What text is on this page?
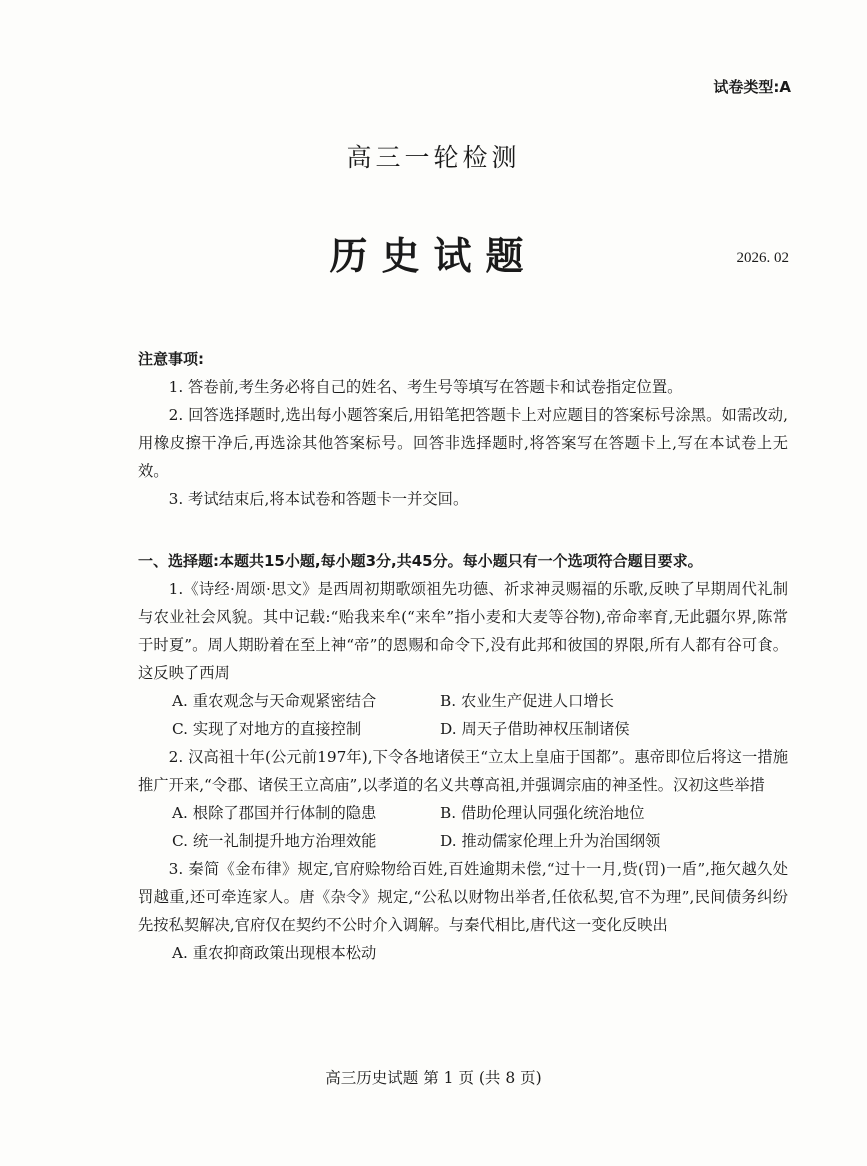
试卷类型:A
高三一轮检测
历史试题	2026. 02

注意事项:

1. 答卷前,考生务必将自己的姓名、考生号等填写在答题卡和试卷指定位置。

2. 回答选择题时,选出每小题答案后,用铅笔把答题卡上对应题目的答案标号涂黑。如需改动,用橡皮擦干净后,再选涂其他答案标号。回答非选择题时,将答案写在答题卡上,写在本试卷上无效。

3. 考试结束后,将本试卷和答题卡一并交回。

一、选择题:本题共15小题,每小题3分,共45分。每小题只有一个选项符合题目要求。

1.《诗经·周颂·思文》是西周初期歌颂祖先功德、祈求神灵赐福的乐歌,反映了早期周代礼制与农业社会风貌。其中记载:“贻我来牟(“来牟”指小麦和大麦等谷物),帝命率育,无此疆尔界,陈常于时夏”。周人期盼着在至上神“帝”的恩赐和命令下,没有此邦和彼国的界限,所有人都有谷可食。这反映了西周

A. 重农观念与天命观紧密结合	B. 农业生产促进人口增长

C. 实现了对地方的直接控制	D. 周天子借助神权压制诸侯

2. 汉高祖十年(公元前197年),下令各地诸侯王“立太上皇庙于国都”。惠帝即位后将这一措施推广开来,“令郡、诸侯王立高庙”,以孝道的名义共尊高祖,并强调宗庙的神圣性。汉初这些举措

A. 根除了郡国并行体制的隐患	B. 借助伦理认同强化统治地位

C. 统一礼制提升地方治理效能	D. 推动儒家伦理上升为治国纲领

3. 秦简《金布律》规定,官府赊物给百姓,百姓逾期未偿,“过十一月,赀(罚)一盾”,拖欠越久处罚越重,还可牵连家人。唐《杂令》规定,“公私以财物出举者,任依私契,官不为理”,民间债务纠纷先按私契解决,官府仅在契约不公时介入调解。与秦代相比,唐代这一变化反映出

A. 重农抑商政策出现根本松动

高三历史试题 第 1 页 (共 8 页)
